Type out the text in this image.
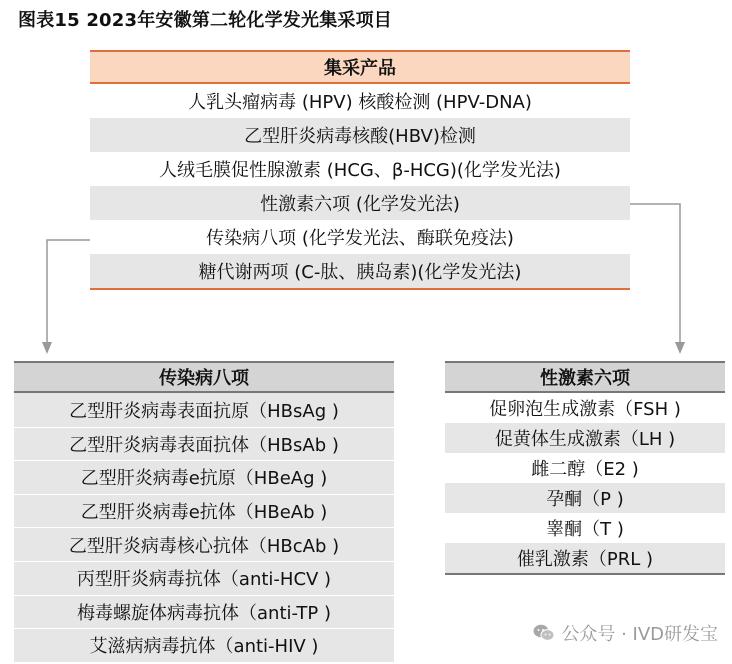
图表15 2023年安徽第二轮化学发光集采项目
集采产品
人乳头瘤病毒 (HPV) 核酸检测 (HPV-DNA)
乙型肝炎病毒核酸(HBV)检测
人绒毛膜促性腺激素 (HCG、β-HCG)(化学发光法)
性激素六项 (化学发光法)
传染病八项 (化学发光法、酶联免疫法)
糖代谢两项 (C-肽、胰岛素)(化学发光法)
传染病八项
乙型肝炎病毒表面抗原（HBsAg )
乙型肝炎病毒表面抗体（HBsAb )
乙型肝炎病毒e抗原（HBeAg )
乙型肝炎病毒e抗体（HBeAb )
乙型肝炎病毒核心抗体（HBcAb )
丙型肝炎病毒抗体（anti-HCV )
梅毒螺旋体病毒抗体（anti-TP )
艾滋病病毒抗体（anti-HIV )
性激素六项
促卵泡生成激素（FSH )
促黄体生成激素（LH )
雌二醇（E2 )
孕酮（P )
睾酮（T )
催乳激素（PRL )
公众号 · IVD研发宝
